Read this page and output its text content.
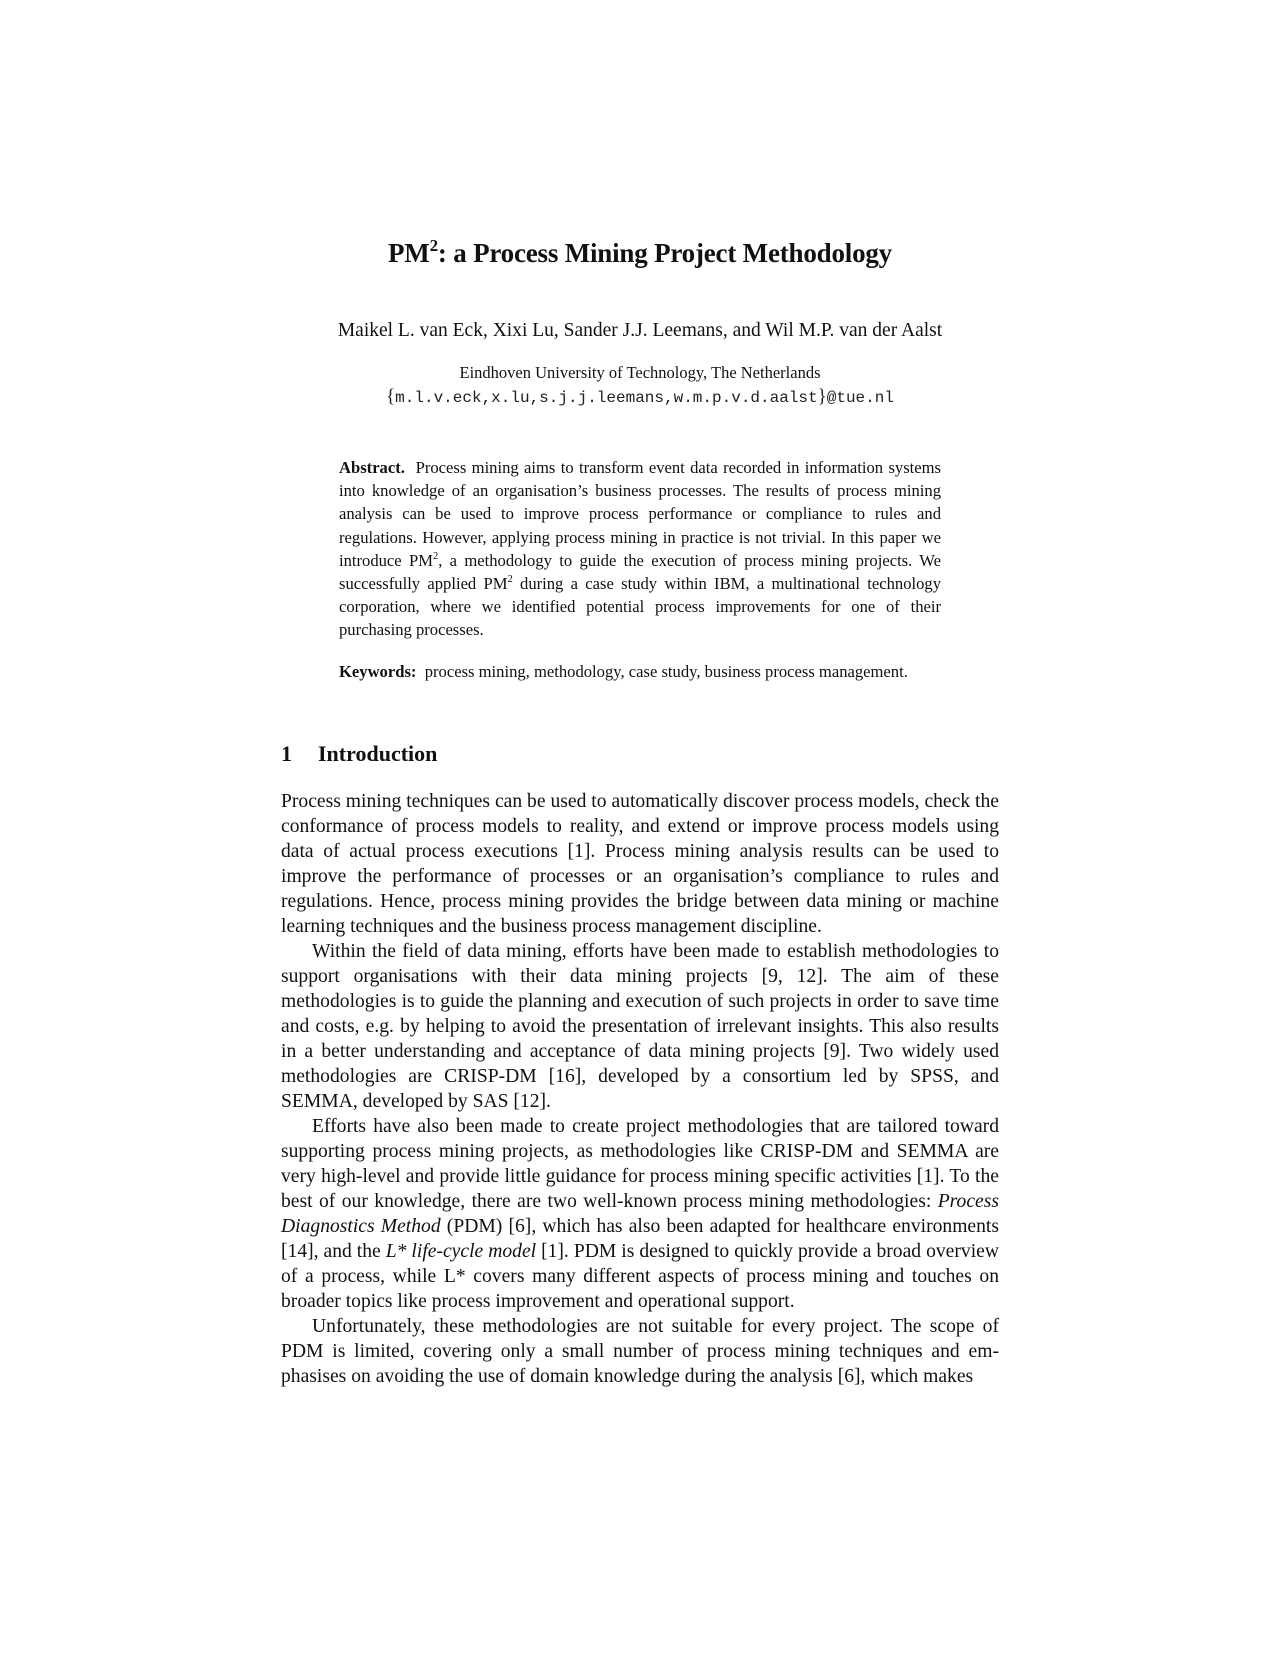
$PM^2$: a Process Mining Project Methodology
Maikel L. van Eck, Xixi Lu, Sander J.J. Leemans, and Wil M.P. van der Aalst
Eindhoven University of Technology, The Netherlands
{m.l.v.eck,x.lu,s.j.j.leemans,w.m.p.v.d.aalst}@tue.nl
Abstract. Process mining aims to transform event data recorded in information systems into knowledge of an organisation’s business processes. The results of process mining analysis can be used to improve process performance or compliance to rules and regulations. However, applying process mining in practice is not trivial. In this paper we introduce $PM^2$, a methodology to guide the execution of process mining projects. We successfully applied $PM^2$ during a case study within IBM, a multinational technology corporation, where we identified potential process improvements for one of their purchasing processes.
Keywords: process mining, methodology, case study, business process management.
1 Introduction

Process mining techniques can be used to automatically discover process models, check the conformance of process models to reality, and extend or improve process models using data of actual process executions [1]. Process mining analysis results can be used to improve the performance of processes or an organisation’s compliance to rules and regulations. Hence, process mining provides the bridge between data mining or machine learning techniques and the business process management discipline.

Within the field of data mining, efforts have been made to establish methodologies to support organisations with their data mining projects [9, 12]. The aim of these methodologies is to guide the planning and execution of such projects in order to save time and costs, e.g. by helping to avoid the presentation of irrelevant insights. This also results in a better understanding and acceptance of data mining projects [9]. Two widely used methodologies are CRISP-DM [16], developed by a consortium led by SPSS, and SEMMA, developed by SAS [12].

Efforts have also been made to create project methodologies that are tailored toward supporting process mining projects, as methodologies like CRISP-DM and SEMMA are very high-level and provide little guidance for process mining specific activities [1]. To the best of our knowledge, there are two well-known process mining methodologies: Process Diagnostics Method (PDM) [6], which has also been adapted for healthcare environments [14], and the L* life-cycle model [1]. PDM is designed to quickly provide a broad overview of a process, while L* covers many different aspects of process mining and touches on broader topics like process improvement and operational support.

Unfortunately, these methodologies are not suitable for every project. The scope of PDM is limited, covering only a small number of process mining techniques and emphasises on avoiding the use of domain knowledge during the analysis [6], which makes
